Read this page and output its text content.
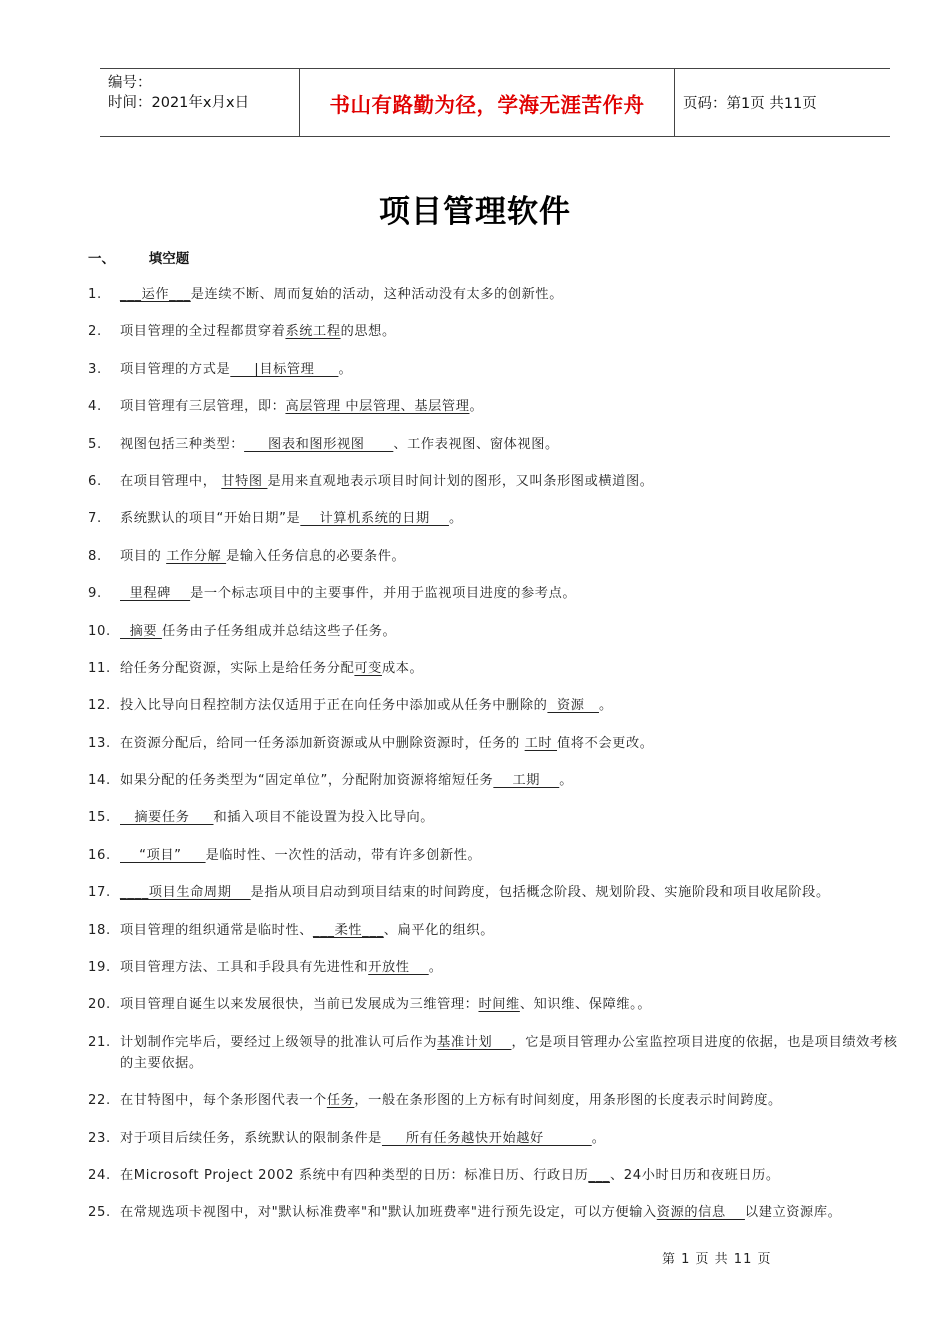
编号：
时间：2021年x月x日	书山有路勤为径，学海无涯苦作舟	页码：第1页 共11页
项目管理软件
一、 填空题
1. ___运作___是连续不断、周而复始的活动，这种活动没有太多的创新性。
2. 项目管理的全过程都贯穿着系统工程的思想。
3. 项目管理的方式是     |目标管理     。
4. 项目管理有三层管理，即：高层管理 中层管理、基层管理。
5. 视图包括三种类型：     图表和图形视图      、工作表视图、窗体视图。
6. 在项目管理中， 甘特图 是用来直观地表示项目时间计划的图形，又叫条形图或横道图。
7. 系统默认的项目“开始日期”是    计算机系统的日期    。
8. 项目的 工作分解 是输入任务信息的必要条件。
9. 里程碑    是一个标志项目中的主要事件，并用于监视项目进度的参考点。
10. 摘要 任务由子任务组成并总结这些子任务。
11. 给任务分配资源，实际上是给任务分配可变成本。
12. 投入比导向日程控制方法仅适用于正在向任务中添加或从任务中删除的  资源   。
13. 在资源分配后，给同一任务添加新资源或从中删除资源时，任务的 工时 值将不会更改。
14. 如果分配的任务类型为“固定单位”，分配附加资源将缩短任务    工期    。
15. 摘要任务     和插入项目不能设置为投入比导向。
16. “项目”     是临时性、一次性的活动，带有许多创新性。
17. ____项目生命周期    是指从项目启动到项目结束的时间跨度，包括概念阶段、规划阶段、实施阶段和项目收尾阶段。
18. 项目管理的组织通常是临时性、___柔性___、扁平化的组织。
19. 项目管理方法、工具和手段具有先进性和开放性    。
20. 项目管理自诞生以来发展很快，当前已发展成为三维管理：时间维、知识维、保障维。。
21. 计划制作完毕后，要经过上级领导的批准认可后作为基准计划    ，它是项目管理办公室监控项目进度的依据，也是项目绩效考核的主要依据。
22. 在甘特图中，每个条形图代表一个任务，一般在条形图的上方标有时间刻度，用条形图的长度表示时间跨度。
23. 对于项目后续任务，系统默认的限制条件是     所有任务越快开始越好          。
24. 在Microsoft Project 2002 系统中有四种类型的日历：标准日历、行政日历___、24小时日历和夜班日历。
25. 在常规选项卡视图中，对"默认标准费率"和"默认加班费率"进行预先设定，可以方便输入资源的信息    以建立资源库。
第 1 页 共 11 页
